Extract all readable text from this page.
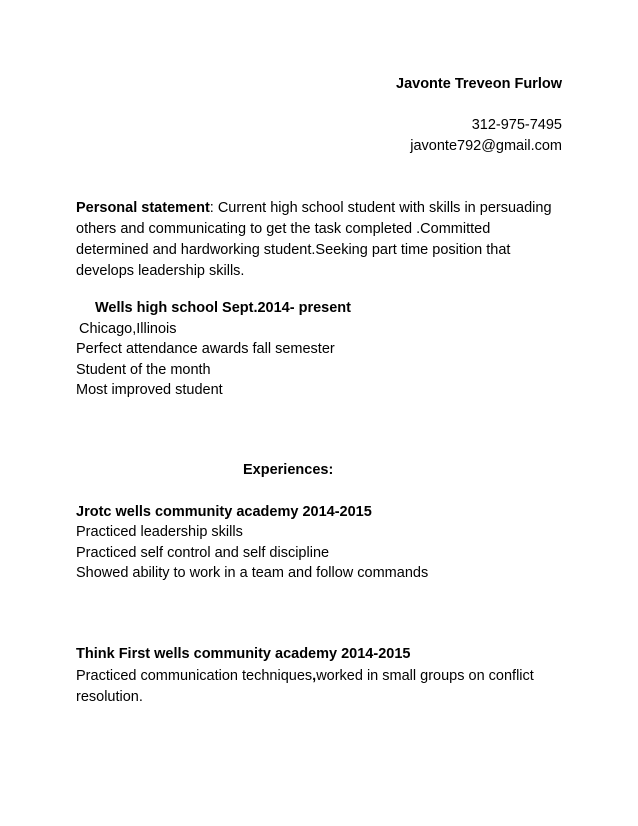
Javonte Treveon Furlow
312-975-7495
javonte792@gmail.com
Personal statement: Current high school student with skills in persuading others and communicating to get the task completed .Committed determined and hardworking student.Seeking part time position that develops leadership skills.
Wells high school Sept.2014- present
Chicago,Illinois
Perfect attendance awards fall semester
Student of the month
Most improved student
Experiences:
Jrotc wells community academy 2014-2015
Practiced leadership skills
Practiced self control and self discipline
Showed ability to work in a team and follow commands
Think First wells community academy 2014-2015
Practiced communication techniques,worked in small groups on conflict resolution.
